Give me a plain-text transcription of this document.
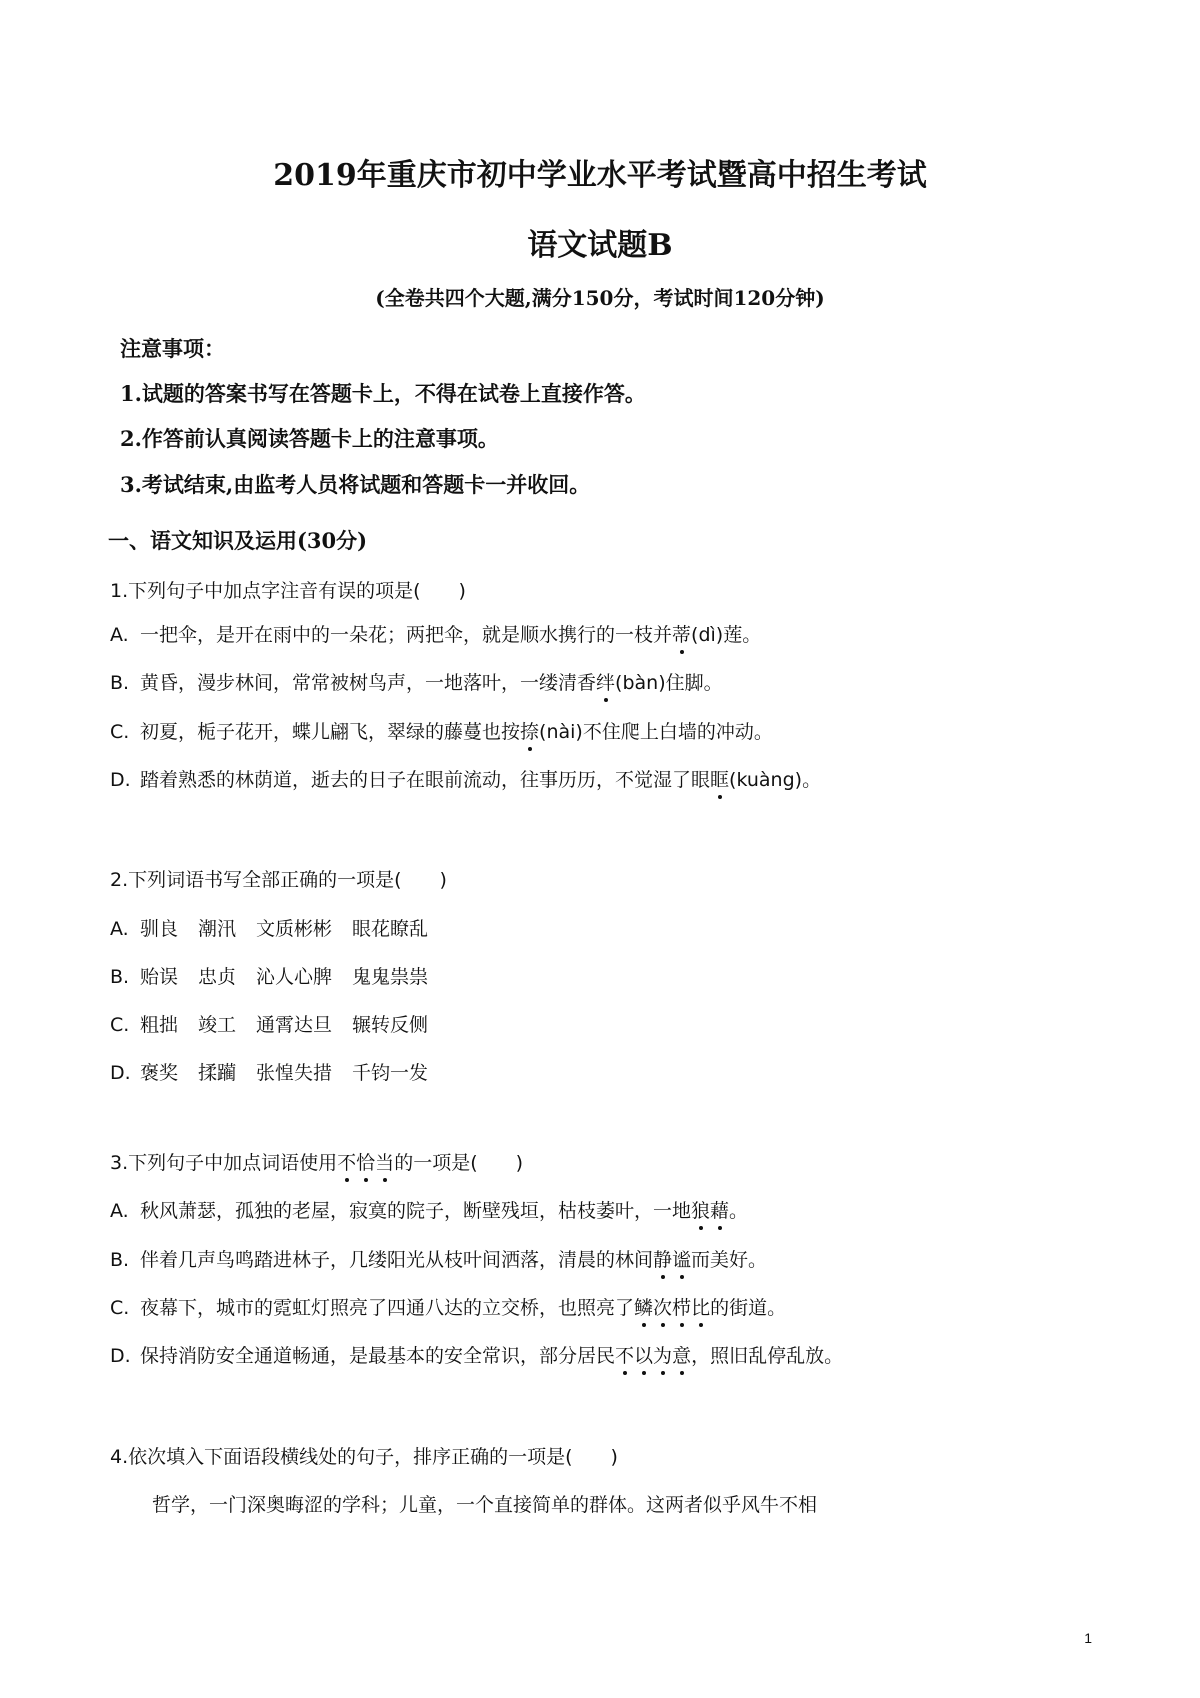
2019年重庆市初中学业水平考试暨高中招生考试
语文试题B
(全卷共四个大题,满分150分，考试时间120分钟)
注意事项：
1.试题的答案书写在答题卡上，不得在试卷上直接作答。
2.作答前认真阅读答题卡上的注意事项。
3.考试结束,由监考人员将试题和答题卡一并收回。
一、语文知识及运用(30分)
1.下列句子中加点字注音有误的项是(　　)
A. 一把伞，是开在雨中的一朵花；两把伞，就是顺水携行的一枝并蒂(dì)莲。
B. 黄昏，漫步林间，常常被树鸟声，一地落叶，一缕清香绊(bàn)住脚。
C. 初夏，栀子花开，蝶儿翩飞，翠绿的藤蔓也按捺(nài)不住爬上白墙的冲动。
D. 踏着熟悉的林荫道，逝去的日子在眼前流动，往事历历，不觉湿了眼眶(kuàng)。
2.下列词语书写全部正确的一项是(　　)
A. 驯良 潮汛 文质彬彬 眼花瞭乱
B. 贻误 忠贞 沁人心脾 鬼鬼祟祟
C. 粗拙 竣工 通霄达旦 辗转反侧
D. 褒奖 揉躏 张惶失措 千钧一发
3.下列句子中加点词语使用不恰当的一项是(　　)
A. 秋风萧瑟，孤独的老屋，寂寞的院子，断壁残垣，枯枝萎叶，一地狼藉。
B. 伴着几声鸟鸣踏进林子，几缕阳光从枝叶间洒落，清晨的林间静谧而美好。
C. 夜幕下，城市的霓虹灯照亮了四通八达的立交桥，也照亮了鳞次栉比的街道。
D. 保持消防安全通道畅通，是最基本的安全常识，部分居民不以为意，照旧乱停乱放。
4.依次填入下面语段横线处的句子，排序正确的一项是(　　)
哲学，一门深奥晦涩的学科；儿童，一个直接简单的群体。这两者似乎风牛不相
1
